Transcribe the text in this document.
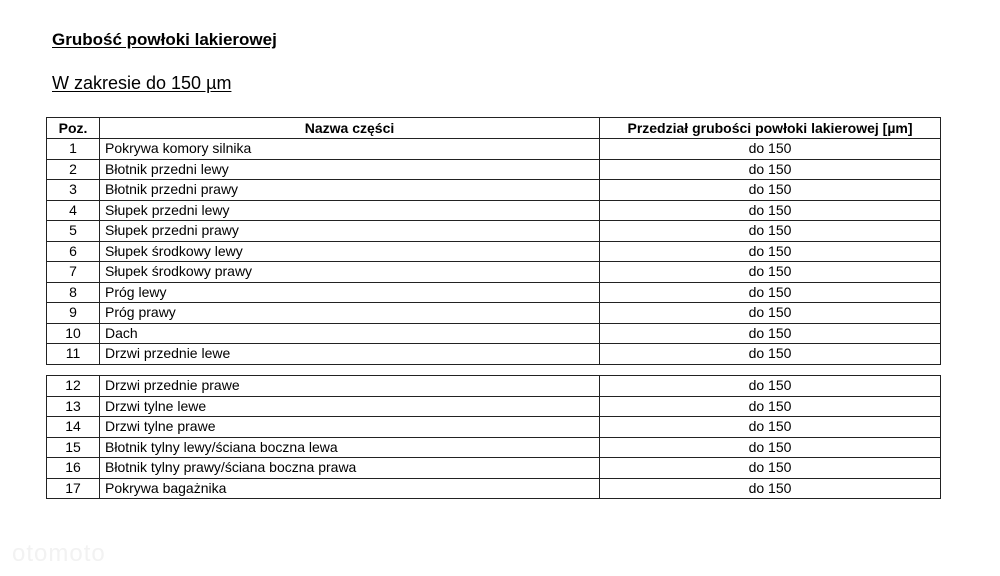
Grubość powłoki lakierowej
W zakresie do 150 µm
Poz.	Nazwa części	Przedział grubości powłoki lakierowej [µm]
1	Pokrywa komory silnika	do 150
2	Błotnik przedni lewy	do 150
3	Błotnik przedni prawy	do 150
4	Słupek przedni lewy	do 150
5	Słupek przedni prawy	do 150
6	Słupek środkowy lewy	do 150
7	Słupek środkowy prawy	do 150
8	Próg lewy	do 150
9	Próg prawy	do 150
10	Dach	do 150
11	Drzwi przednie lewe	do 150
12	Drzwi przednie prawe	do 150
13	Drzwi tylne lewe	do 150
14	Drzwi tylne prawe	do 150
15	Błotnik tylny lewy/ściana boczna lewa	do 150
16	Błotnik tylny prawy/ściana boczna prawa	do 150
17	Pokrywa bagażnika	do 150
otomoto
